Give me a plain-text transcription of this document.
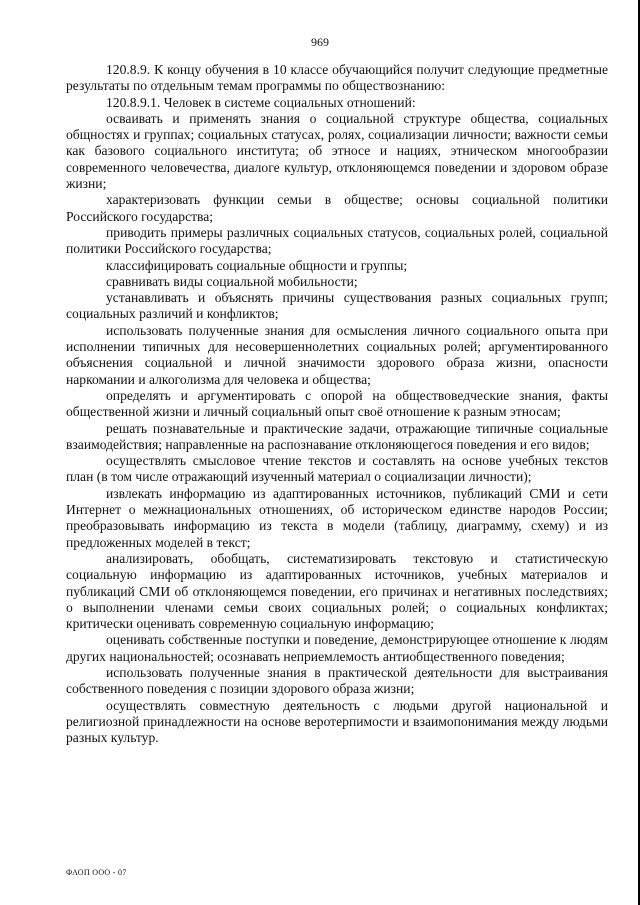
969

120.8.9. К концу обучения в 10 классе обучающийся получит следующие предметные результаты по отдельным темам программы по обществознанию:

120.8.9.1. Человек в системе социальных отношений:

осваивать и применять знания о социальной структуре общества, социальных общностях и группах; социальных статусах, ролях, социализации личности; важности семьи как базового социального института; об этносе и нациях, этническом многообразии современного человечества, диалоге культур, отклоняющемся поведении и здоровом образе жизни;

характеризовать функции семьи в обществе; основы социальной политики Российского государства;

приводить примеры различных социальных статусов, социальных ролей, социальной политики Российского государства;

классифицировать социальные общности и группы;

сравнивать виды социальной мобильности;

устанавливать и объяснять причины существования разных социальных групп; социальных различий и конфликтов;

использовать полученные знания для осмысления личного социального опыта при исполнении типичных для несовершеннолетних социальных ролей; аргументированного объяснения социальной и личной значимости здорового образа жизни, опасности наркомании и алкоголизма для человека и общества;

определять и аргументировать с опорой на обществоведческие знания, факты общественной жизни и личный социальный опыт своё отношение к разным этносам;

решать познавательные и практические задачи, отражающие типичные социальные взаимодействия; направленные на распознавание отклоняющегося поведения и его видов;

осуществлять смысловое чтение текстов и составлять на основе учебных текстов план (в том числе отражающий изученный материал о социализации личности);

извлекать информацию из адаптированных источников, публикаций СМИ и сети Интернет о межнациональных отношениях, об историческом единстве народов России; преобразовывать информацию из текста в модели (таблицу, диаграмму, схему) и из предложенных моделей в текст;

анализировать, обобщать, систематизировать текстовую и статистическую социальную информацию из адаптированных источников, учебных материалов и публикаций СМИ об отклоняющемся поведении, его причинах и негативных последствиях; о выполнении членами семьи своих социальных ролей; о социальных конфликтах; критически оценивать современную социальную информацию;

оценивать собственные поступки и поведение, демонстрирующее отношение к людям других национальностей; осознавать неприемлемость антиобщественного поведения;

использовать полученные знания в практической деятельности для выстраивания собственного поведения с позиции здорового образа жизни;

осуществлять совместную деятельность с людьми другой национальной и религиозной принадлежности на основе веротерпимости и взаимопонимания между людьми разных культур.

ФАОП ООО - 07
